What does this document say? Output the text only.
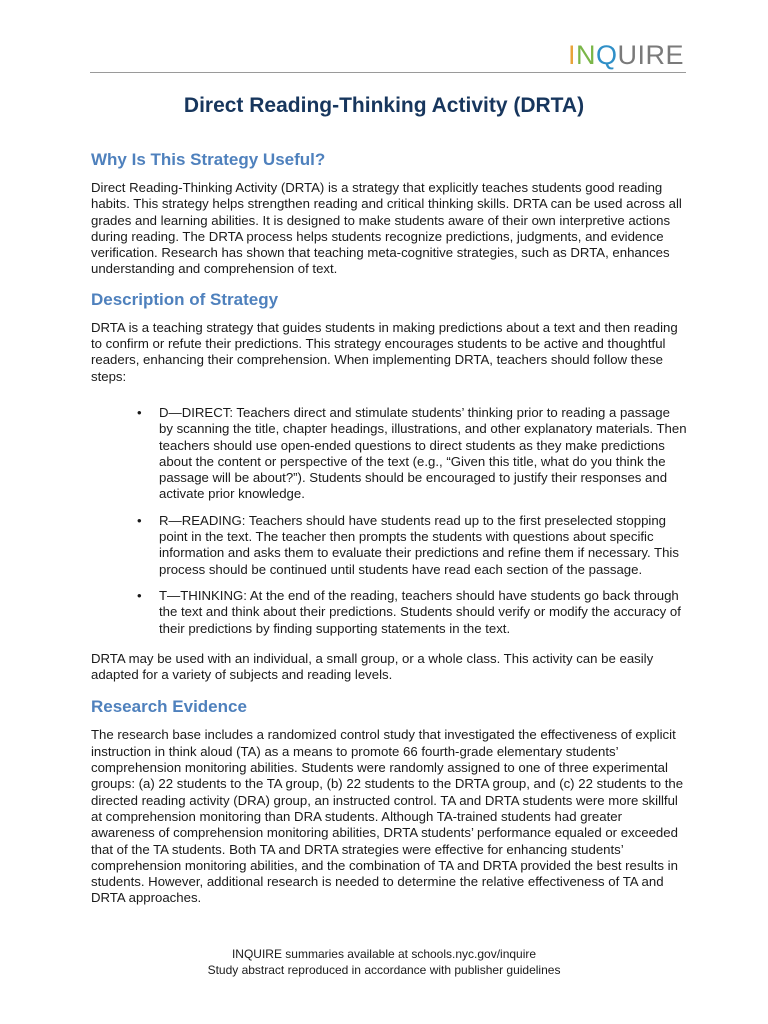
INQUIRE
Direct Reading-Thinking Activity (DRTA)
Why Is This Strategy Useful?

Direct Reading-Thinking Activity (DRTA) is a strategy that explicitly teaches students good reading habits. This strategy helps strengthen reading and critical thinking skills. DRTA can be used across all grades and learning abilities. It is designed to make students aware of their own interpretive actions during reading. The DRTA process helps students recognize predictions, judgments, and evidence verification. Research has shown that teaching meta-cognitive strategies, such as DRTA, enhances understanding and comprehension of text.

Description of Strategy

DRTA is a teaching strategy that guides students in making predictions about a text and then reading to confirm or refute their predictions. This strategy encourages students to be active and thoughtful readers, enhancing their comprehension. When implementing DRTA, teachers should follow these steps:

• D—DIRECT: Teachers direct and stimulate students’ thinking prior to reading a passage by scanning the title, chapter headings, illustrations, and other explanatory materials. Then teachers should use open-ended questions to direct students as they make predictions about the content or perspective of the text (e.g., “Given this title, what do you think the passage will be about?”). Students should be encouraged to justify their responses and activate prior knowledge.
• R—READING: Teachers should have students read up to the first preselected stopping point in the text. The teacher then prompts the students with questions about specific information and asks them to evaluate their predictions and refine them if necessary. This process should be continued until students have read each section of the passage.
• T—THINKING: At the end of the reading, teachers should have students go back through the text and think about their predictions. Students should verify or modify the accuracy of their predictions by finding supporting statements in the text.

DRTA may be used with an individual, a small group, or a whole class. This activity can be easily adapted for a variety of subjects and reading levels.

Research Evidence

The research base includes a randomized control study that investigated the effectiveness of explicit instruction in think aloud (TA) as a means to promote 66 fourth-grade elementary students’ comprehension monitoring abilities. Students were randomly assigned to one of three experimental groups: (a) 22 students to the TA group, (b) 22 students to the DRTA group, and (c) 22 students to the directed reading activity (DRA) group, an instructed control. TA and DRTA students were more skillful at comprehension monitoring than DRA students. Although TA-trained students had greater awareness of comprehension monitoring abilities, DRTA students’ performance equaled or exceeded that of the TA students. Both TA and DRTA strategies were effective for enhancing students’ comprehension monitoring abilities, and the combination of TA and DRTA provided the best results in students. However, additional research is needed to determine the relative effectiveness of TA and DRTA approaches.

INQUIRE summaries available at schools.nyc.gov/inquire
Study abstract reproduced in accordance with publisher guidelines
